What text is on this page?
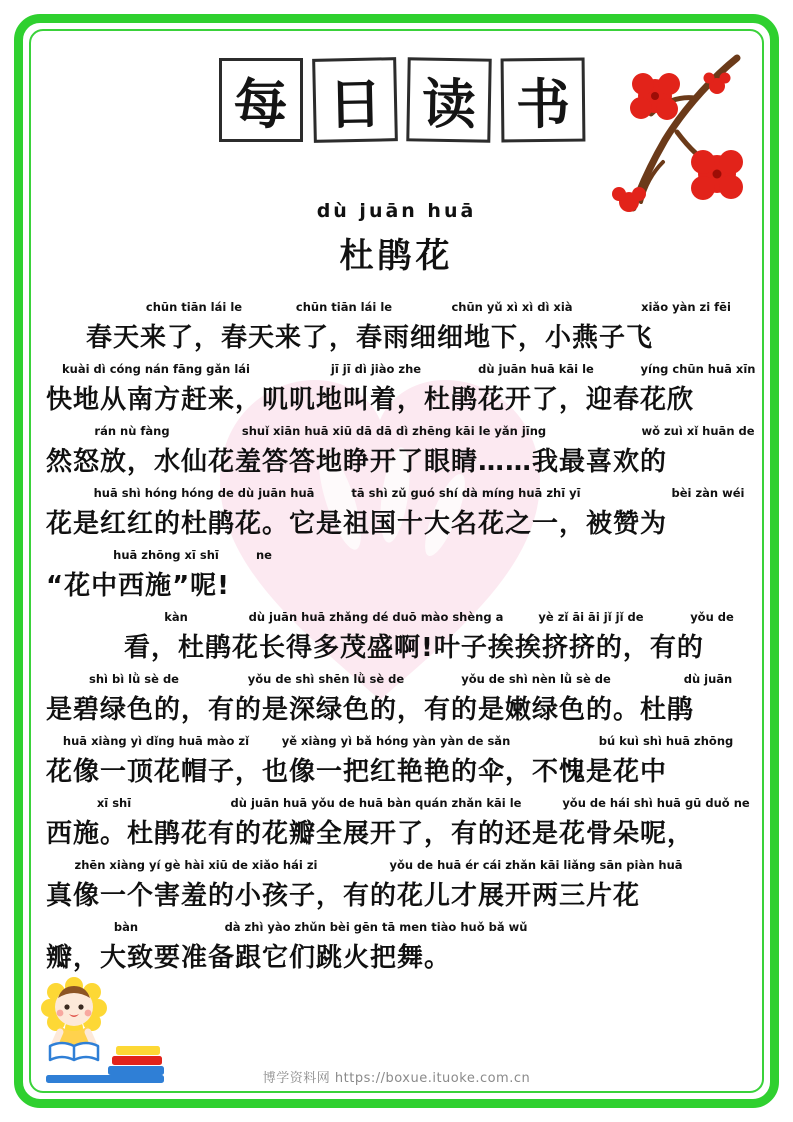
每 日 读 书
dù juān huā
杜鹃花
chūn tiān lái le	chūn tiān lái le	chūn yǔ xì xì dì xià	xiǎo yàn zi fēi
春天来了，春天来了，春雨细细地下，小燕子飞
kuài dì cóng nán fāng gǎn lái	jī jī dì jiào zhe	dù juān huā kāi le	yíng chūn huā xīn
快地从南方赶来，叽叽地叫着，杜鹃花开了，迎春花欣
rán nù fàng	shuǐ xiān huā xiū dā dā dì zhēng kāi le yǎn jīng	wǒ zuì xǐ huān de
然怒放，水仙花羞答答地睁开了眼睛……我最喜欢的
huā shì hóng hóng de dù juān huā	tā shì zǔ guó shí dà míng huā zhī yī	bèi zàn wéi
花是红红的杜鹃花。它是祖国十大名花之一，被赞为
huā zhōng xī shī	ne
“花中西施”呢!
kàn	dù juān huā zhǎng dé duō mào shèng a	yè zǐ āi āi jǐ jǐ de	yǒu de
看，杜鹃花长得多茂盛啊!叶子挨挨挤挤的，有的
shì bì lǜ sè de	yǒu de shì shēn lǜ sè de	yǒu de shì nèn lǜ sè de	dù juān
是碧绿色的，有的是深绿色的，有的是嫩绿色的。杜鹃
huā xiàng yì dǐng huā mào zǐ	yě xiàng yì bǎ hóng yàn yàn de sǎn	bú kuì shì huā zhōng
花像一顶花帽子，也像一把红艳艳的伞，不愧是花中
xī shī	dù juān huā yǒu de huā bàn quán zhǎn kāi le	yǒu de hái shì huā gū duǒ ne
西施。杜鹃花有的花瓣全展开了，有的还是花骨朵呢，
zhēn xiàng yí gè hài xiū de xiǎo hái zi	yǒu de huā ér cái zhǎn kāi liǎng sān piàn huā
真像一个害羞的小孩子，有的花儿才展开两三片花
bàn	dà zhì yào zhǔn bèi gēn tā men tiào huǒ bǎ wǔ
瓣，大致要准备跟它们跳火把舞。
博学资料网 https://boxue.ituoke.com.cn
